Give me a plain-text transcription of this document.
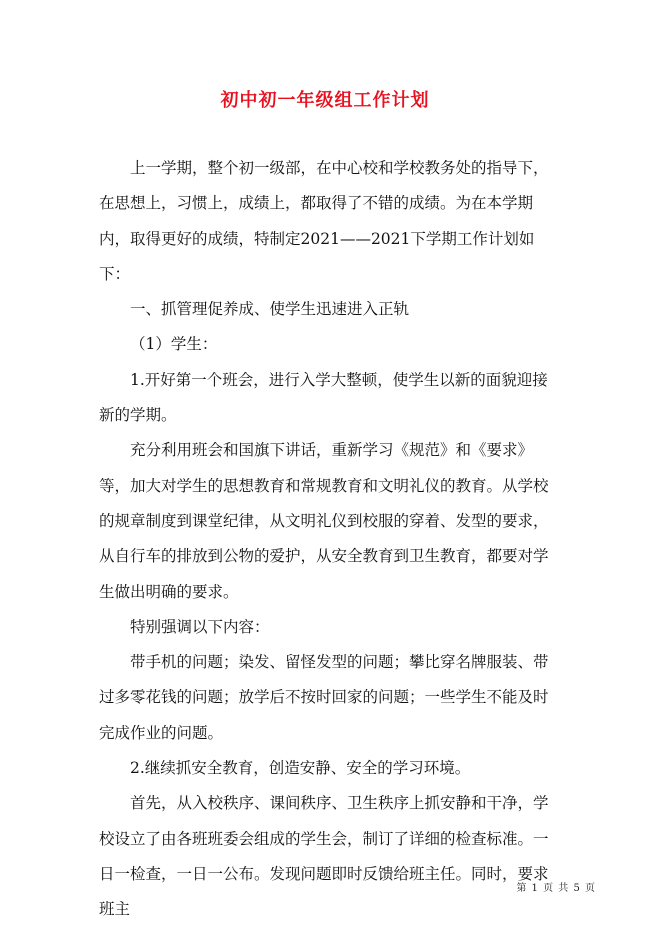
初中初一年级组工作计划

上一学期，整个初一级部，在中心校和学校教务处的指导下，在思想上，习惯上，成绩上，都取得了不错的成绩。为在本学期内，取得更好的成绩，特制定2021——2021下学期工作计划如下：

一、抓管理促养成、使学生迅速进入正轨

（1）学生：

1.开好第一个班会，进行入学大整顿，使学生以新的面貌迎接新的学期。

充分利用班会和国旗下讲话，重新学习《规范》和《要求》等，加大对学生的思想教育和常规教育和文明礼仪的教育。从学校的规章制度到课堂纪律，从文明礼仪到校服的穿着、发型的要求，从自行车的排放到公物的爱护，从安全教育到卫生教育，都要对学生做出明确的要求。

特别强调以下内容：

带手机的问题；染发、留怪发型的问题；攀比穿名牌服装、带过多零花钱的问题；放学后不按时回家的问题；一些学生不能及时完成作业的问题。

2.继续抓安全教育，创造安静、安全的学习环境。

首先，从入校秩序、课间秩序、卫生秩序上抓安静和干净，学校设立了由各班班委会组成的学生会，制订了详细的检查标准。一日一检查，一日一公布。发现问题即时反馈给班主任。同时，要求班主

第 1 页 共 5 页
